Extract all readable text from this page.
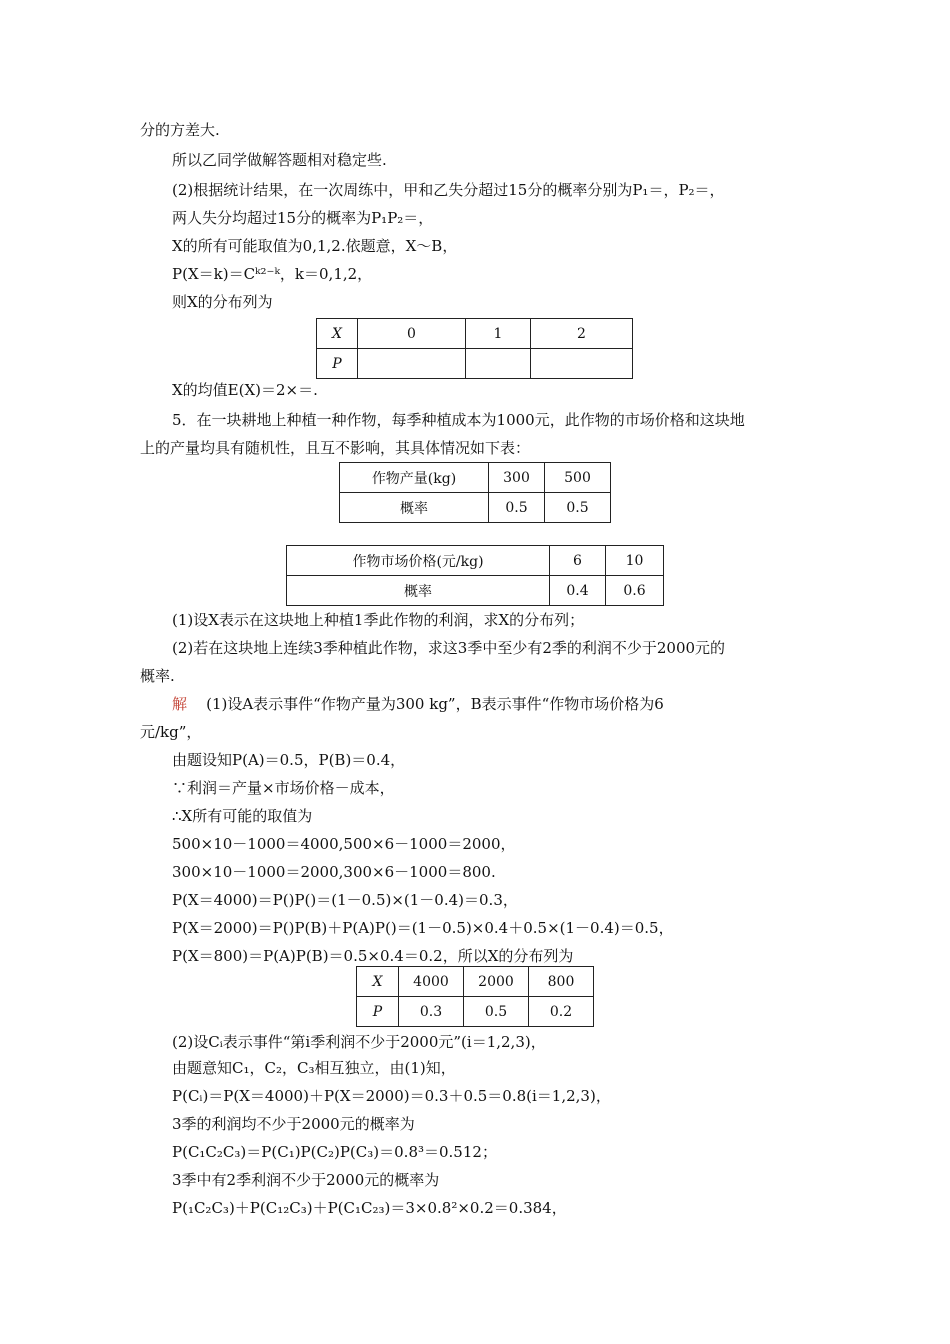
分的方差大.
所以乙同学做解答题相对稳定些.
(2)根据统计结果，在一次周练中，甲和乙失分超过15分的概率分别为P₁＝，P₂＝，
两人失分均超过15分的概率为P₁P₂＝，
X的所有可能取值为0,1,2.依题意，X～B，
P(X＝k)＝Cᵏ²⁻ᵏ，k＝0,1,2，
则X的分布列为
X	0	1	2
P			
X的均值E(X)＝2×＝.
5．在一块耕地上种植一种作物，每季种植成本为1000元，此作物的市场价格和这块地
上的产量均具有随机性，且互不影响，其具体情况如下表：
作物产量(kg)	300	500
概率	0.5	0.5
作物市场价格(元/kg)	6	10
概率	0.4	0.6
(1)设X表示在这块地上种植1季此作物的利润，求X的分布列；
(2)若在这块地上连续3季种植此作物，求这3季中至少有2季的利润不少于2000元的
概率.
解 (1)设A表示事件“作物产量为300 kg”，B表示事件“作物市场价格为6
元/kg”，
由题设知P(A)＝0.5，P(B)＝0.4，
∵利润＝产量×市场价格－成本，
∴X所有可能的取值为
500×10－1000＝4000,500×6－1000＝2000，
300×10－1000＝2000,300×6－1000＝800.
P(X＝4000)＝P()P()＝(1－0.5)×(1－0.4)＝0.3，
P(X＝2000)＝P()P(B)＋P(A)P()＝(1－0.5)×0.4＋0.5×(1－0.4)＝0.5，
P(X＝800)＝P(A)P(B)＝0.5×0.4＝0.2，所以X的分布列为
X	4000	2000	800
P	0.3	0.5	0.2
(2)设Cᵢ表示事件“第i季利润不少于2000元”(i＝1,2,3)，
由题意知C₁，C₂，C₃相互独立，由(1)知，
P(Cᵢ)＝P(X＝4000)＋P(X＝2000)＝0.3＋0.5＝0.8(i＝1,2,3)，
3季的利润均不少于2000元的概率为
P(C₁C₂C₃)＝P(C₁)P(C₂)P(C₃)＝0.8³＝0.512；
3季中有2季利润不少于2000元的概率为
P(₁C₂C₃)＋P(C₁₂C₃)＋P(C₁C₂₃)＝3×0.8²×0.2＝0.384，
